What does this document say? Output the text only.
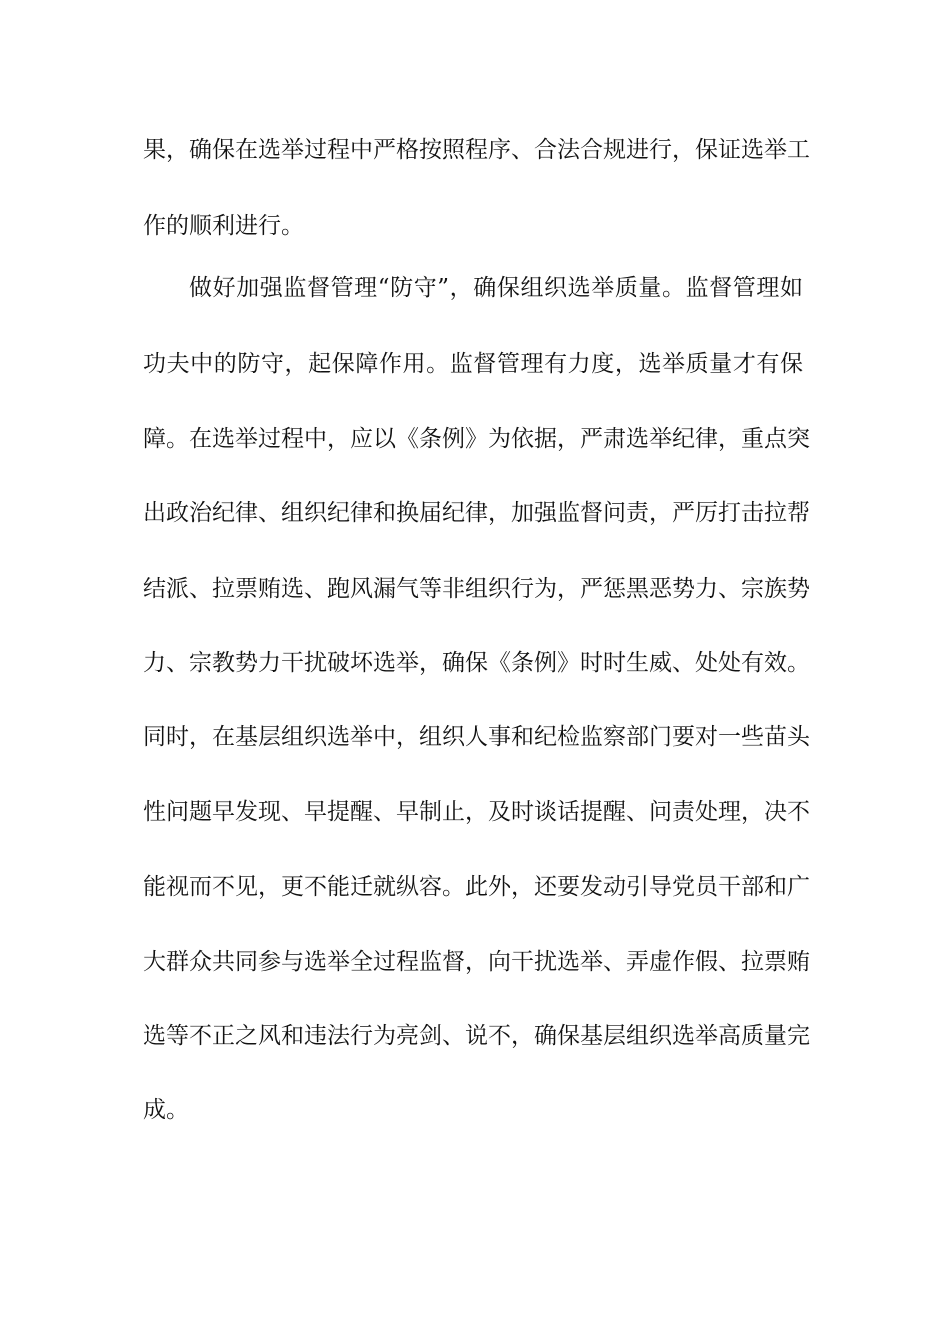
果，确保在选举过程中严格按照程序、合法合规进行，保证选举工
作的顺利进行。
做好加强监督管理“防守”，确保组织选举质量。监督管理如
功夫中的防守，起保障作用。监督管理有力度，选举质量才有保
障。在选举过程中，应以《条例》为依据，严肃选举纪律，重点突
出政治纪律、组织纪律和换届纪律，加强监督问责，严厉打击拉帮
结派、拉票贿选、跑风漏气等非组织行为，严惩黑恶势力、宗族势
力、宗教势力干扰破坏选举，确保《条例》时时生威、处处有效。
同时，在基层组织选举中，组织人事和纪检监察部门要对一些苗头
性问题早发现、早提醒、早制止，及时谈话提醒、问责处理，决不
能视而不见，更不能迁就纵容。此外，还要发动引导党员干部和广
大群众共同参与选举全过程监督，向干扰选举、弄虚作假、拉票贿
选等不正之风和违法行为亮剑、说不，确保基层组织选举高质量完
成。
